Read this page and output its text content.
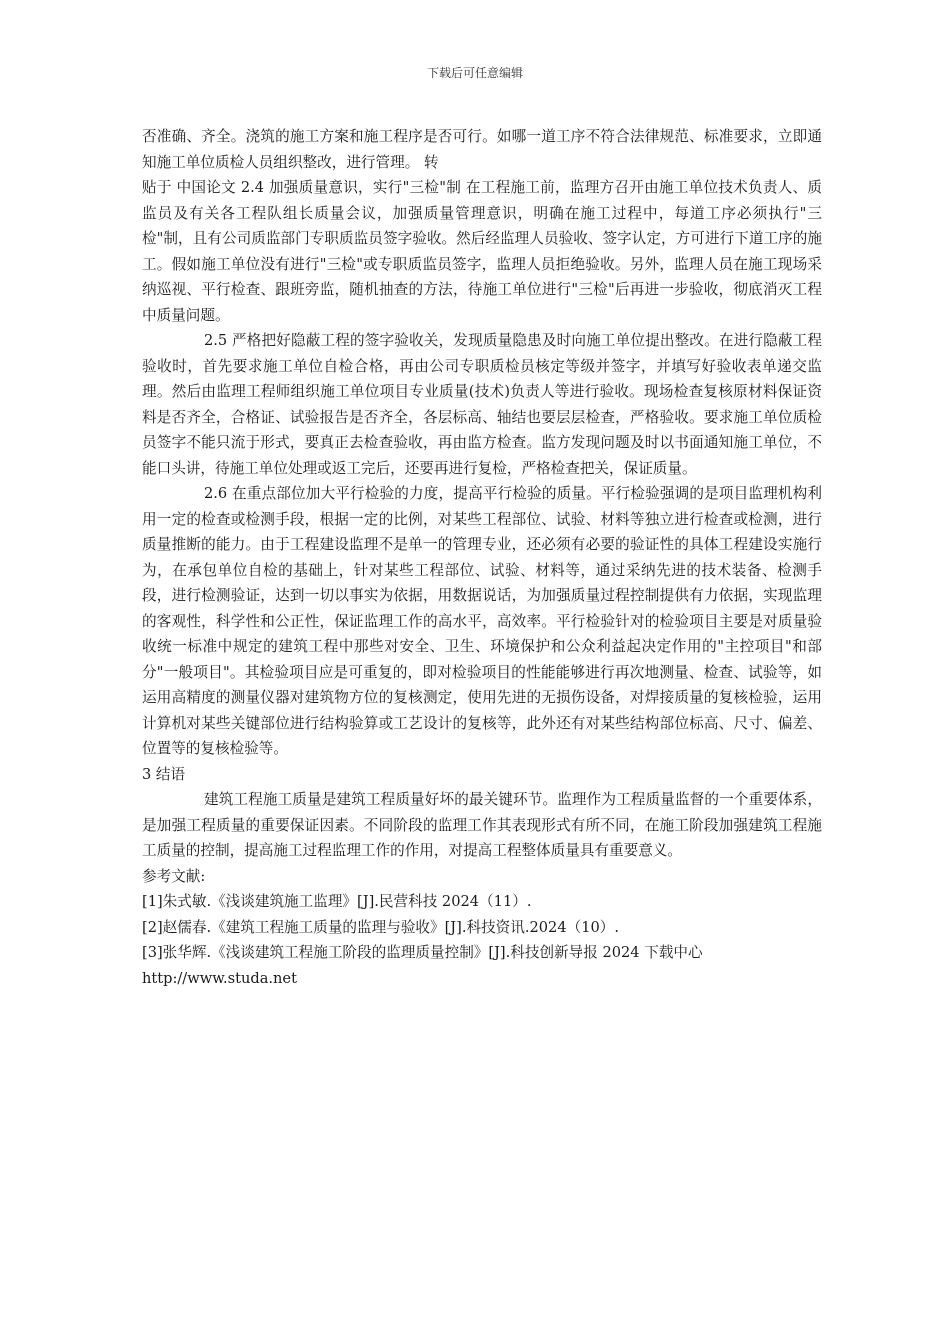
下载后可任意编辑

否准确、齐全。浇筑的施工方案和施工程序是否可行。如哪一道工序不符合法律规范、标准要求，立即通知施工单位质检人员组织整改，进行管理。 转

贴于 中国论文 2.4 加强质量意识，实行"三检"制 在工程施工前，监理方召开由施工单位技术负责人、质监员及有关各工程队组长质量会议，加强质量管理意识，明确在施工过程中，每道工序必须执行"三检"制，且有公司质监部门专职质监员签字验收。然后经监理人员验收、签字认定，方可进行下道工序的施工。假如施工单位没有进行"三检"或专职质监员签字，监理人员拒绝验收。另外，监理人员在施工现场采纳巡视、平行检查、跟班旁监，随机抽查的方法，待施工单位进行"三检"后再进一步验收，彻底消灭工程中质量问题。

2.5 严格把好隐蔽工程的签字验收关，发现质量隐患及时向施工单位提出整改。在进行隐蔽工程验收时，首先要求施工单位自检合格，再由公司专职质检员核定等级并签字，并填写好验收表单递交监理。然后由监理工程师组织施工单位项目专业质量(技术)负责人等进行验收。现场检查复核原材料保证资料是否齐全，合格证、试验报告是否齐全，各层标高、轴结也要层层检查，严格验收。要求施工单位质检员签字不能只流于形式，要真正去检查验收，再由监方检查。监方发现问题及时以书面通知施工单位，不能口头讲，待施工单位处理或返工完后，还要再进行复检，严格检查把关，保证质量。

2.6 在重点部位加大平行检验的力度，提高平行检验的质量。平行检验强调的是项目监理机构利用一定的检查或检测手段，根据一定的比例，对某些工程部位、试验、材料等独立进行检查或检测，进行质量推断的能力。由于工程建设监理不是单一的管理专业，还必须有必要的验证性的具体工程建设实施行为，在承包单位自检的基础上，针对某些工程部位、试验、材料等，通过采纳先进的技术装备、检测手段，进行检测验证，达到一切以事实为依据，用数据说话，为加强质量过程控制提供有力依据，实现监理的客观性，科学性和公正性，保证监理工作的高水平，高效率。平行检验针对的检验项目主要是对质量验收统一标准中规定的建筑工程中那些对安全、卫生、环境保护和公众利益起决定作用的"主控项目"和部分"一般项目"。其检验项目应是可重复的，即对检验项目的性能能够进行再次地测量、检查、试验等，如运用高精度的测量仪器对建筑物方位的复核测定，使用先进的无损伤设备，对焊接质量的复核检验，运用计算机对某些关键部位进行结构验算或工艺设计的复核等，此外还有对某些结构部位标高、尺寸、偏差、位置等的复核检验等。

3 结语

建筑工程施工质量是建筑工程质量好坏的最关键环节。监理作为工程质量监督的一个重要体系，是加强工程质量的重要保证因素。不同阶段的监理工作其表现形式有所不同，在施工阶段加强建筑工程施工质量的控制，提高施工过程监理工作的作用，对提高工程整体质量具有重要意义。

参考文献:

[1]朱式敏.《浅谈建筑施工监理》[J].民营科技 2024（11）.

[2]赵儒春.《建筑工程施工质量的监理与验收》[J].科技资讯.2024（10）.

[3]张华辉.《浅谈建筑工程施工阶段的监理质量控制》[J].科技创新导报 2024 下载中心

http://www.studa.net
